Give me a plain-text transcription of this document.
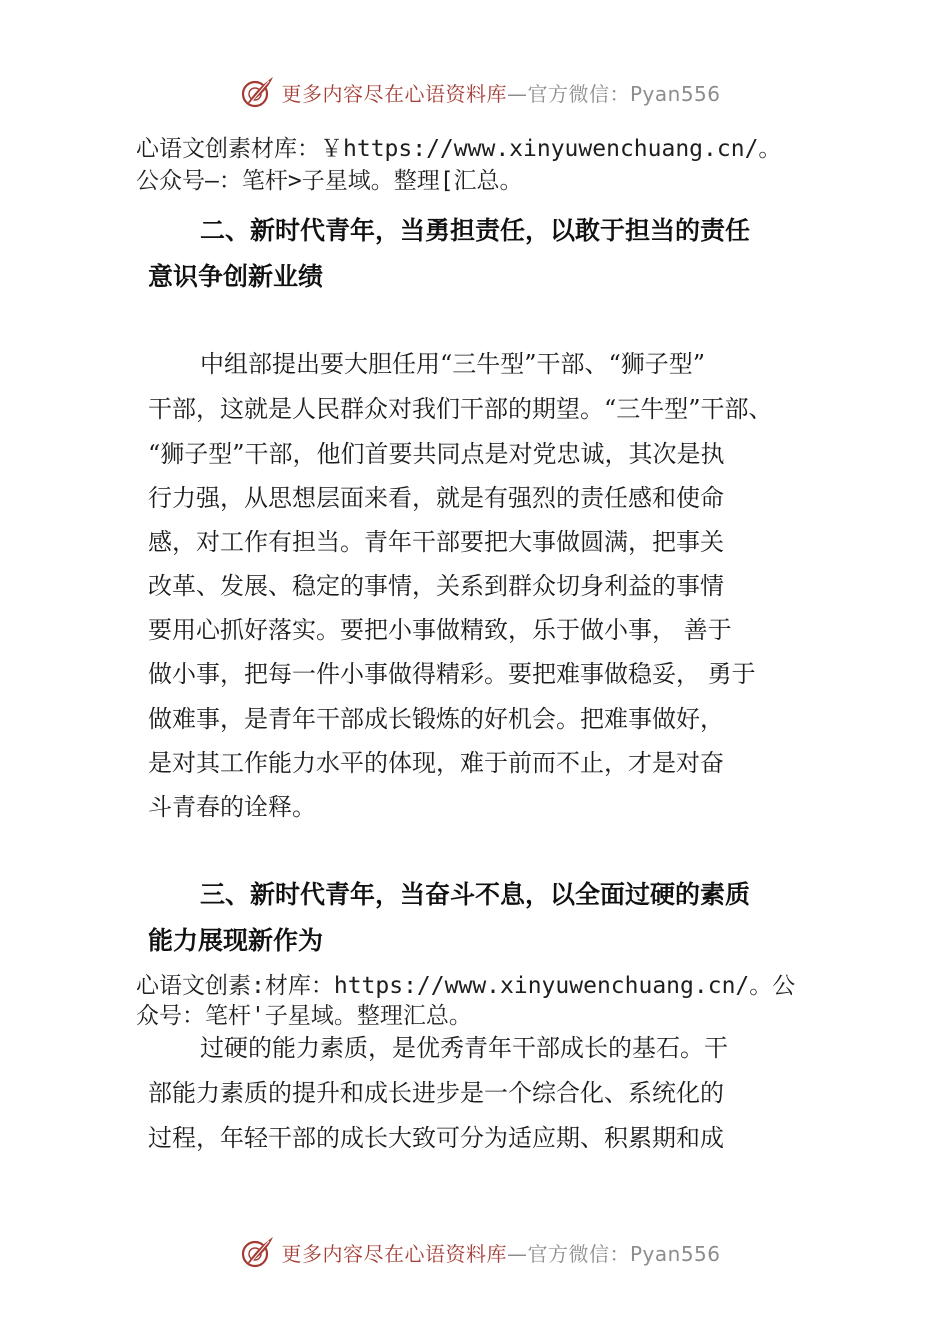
更多内容尽在心语资料库—官方微信：Pyan556
心语文创素材库：￥https://www.xinyuwenchuang.cn/。
公众号—：笔杆>子星域。整理[汇总。
二、新时代青年，当勇担责任，以敢于担当的责任
意识争创新业绩
中组部提出要大胆任用“三牛型”干部、“狮子型”
干部，这就是人民群众对我们干部的期望。“三牛型”干部、
“狮子型”干部，他们首要共同点是对党忠诚，其次是执
行力强，从思想层面来看，就是有强烈的责任感和使命
感，对工作有担当。青年干部要把大事做圆满，把事关
改革、发展、稳定的事情，关系到群众切身利益的事情
要用心抓好落实。要把小事做精致，乐于做小事， 善于
做小事，把每一件小事做得精彩。要把难事做稳妥， 勇于
做难事，是青年干部成长锻炼的好机会。把难事做好，
是对其工作能力水平的体现，难于前而不止，才是对奋
斗青春的诠释。
三、新时代青年，当奋斗不息，以全面过硬的素质
能力展现新作为
心语文创素:材库：https://www.xinyuwenchuang.cn/。公
众号：笔杆'子星域。整理汇总。
过硬的能力素质，是优秀青年干部成长的基石。干
部能力素质的提升和成长进步是一个综合化、系统化的
过程，年轻干部的成长大致可分为适应期、积累期和成
更多内容尽在心语资料库—官方微信：Pyan556
